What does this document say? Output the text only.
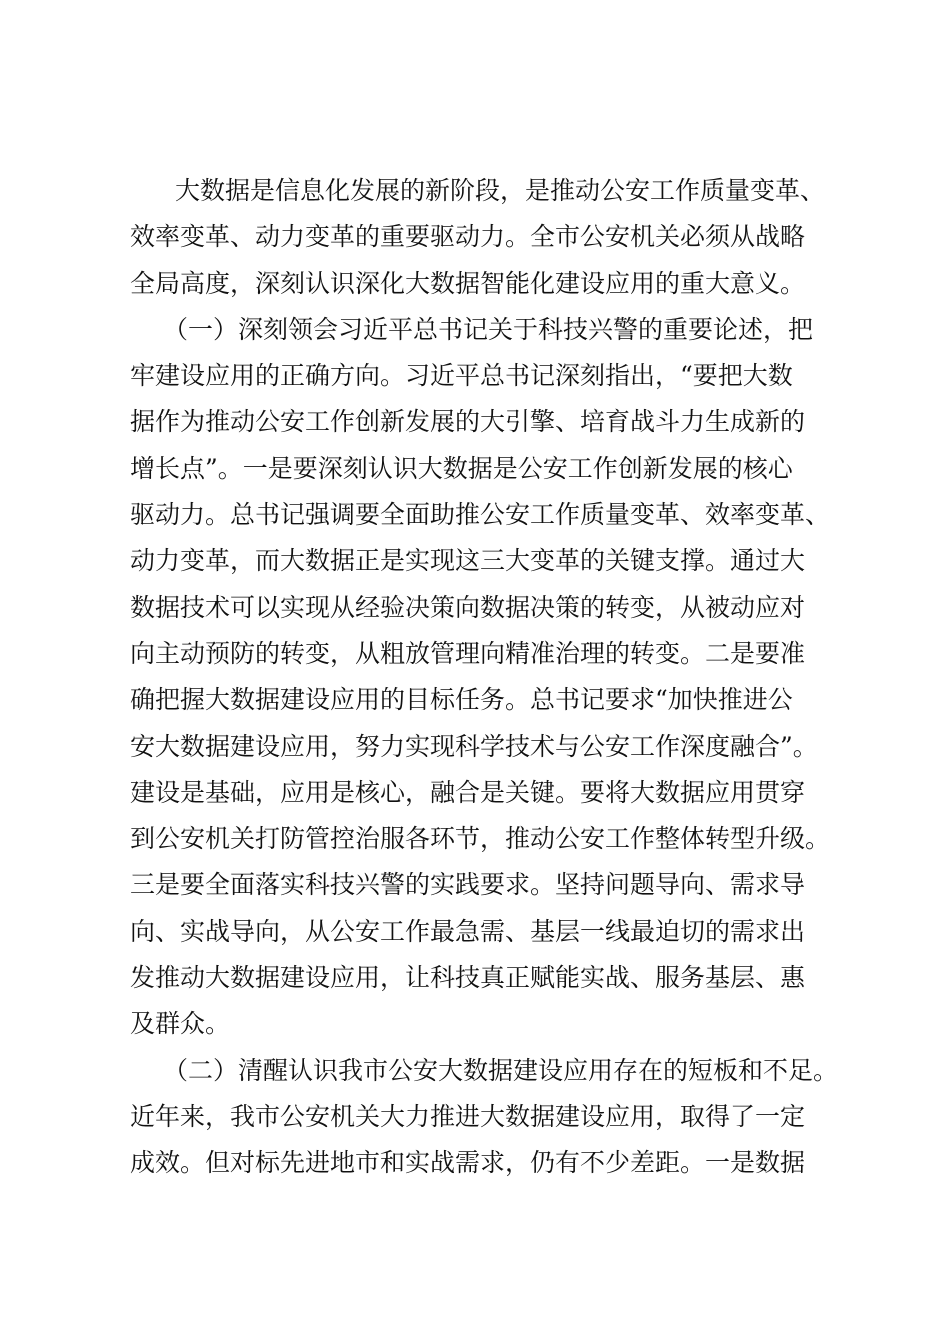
大数据是信息化发展的新阶段，是推动公安工作质量变革、
效率变革、动力变革的重要驱动力。全市公安机关必须从战略
全局高度，深刻认识深化大数据智能化建设应用的重大意义。
（一）深刻领会习近平总书记关于科技兴警的重要论述，把
牢建设应用的正确方向。习近平总书记深刻指出，“要把大数
据作为推动公安工作创新发展的大引擎、培育战斗力生成新的
增长点”。一是要深刻认识大数据是公安工作创新发展的核心
驱动力。总书记强调要全面助推公安工作质量变革、效率变革、
动力变革，而大数据正是实现这三大变革的关键支撑。通过大
数据技术可以实现从经验决策向数据决策的转变，从被动应对
向主动预防的转变，从粗放管理向精准治理的转变。二是要准
确把握大数据建设应用的目标任务。总书记要求“加快推进公
安大数据建设应用，努力实现科学技术与公安工作深度融合”。
建设是基础，应用是核心，融合是关键。要将大数据应用贯穿
到公安机关打防管控治服各环节，推动公安工作整体转型升级。
三是要全面落实科技兴警的实践要求。坚持问题导向、需求导
向、实战导向，从公安工作最急需、基层一线最迫切的需求出
发推动大数据建设应用，让科技真正赋能实战、服务基层、惠
及群众。
（二）清醒认识我市公安大数据建设应用存在的短板和不足。
近年来，我市公安机关大力推进大数据建设应用，取得了一定
成效。但对标先进地市和实战需求，仍有不少差距。一是数据
